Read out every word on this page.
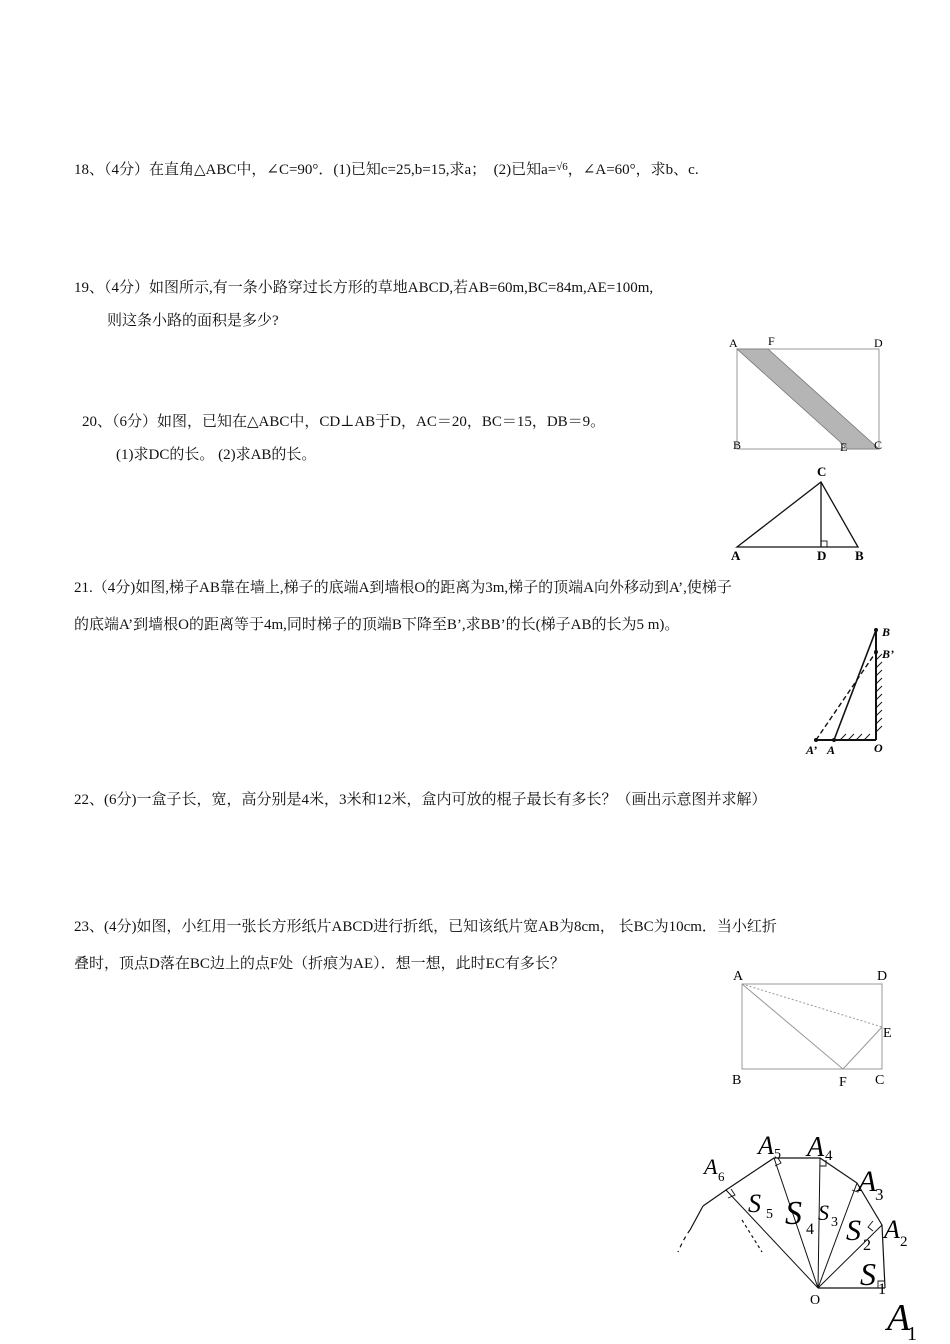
18、（4分）在直角△ABC中，∠C=90°．(1)已知c=25,b=15,求a；　(2)已知a=$^{√6}$，∠A=60°，求b、c.
19、（4分）如图所示,有一条小路穿过长方形的草地ABCD,若AB=60m,BC=84m,AE=100m,
则这条小路的面积是多少?
20、（6分）如图，已知在△ABC中，CD⊥AB于D，AC＝20，BC＝15，DB＝9。
(1)求DC的长。 (2)求AB的长。
21.（4分)如图,梯子AB靠在墙上,梯子的底端A到墙根O的距离为3m,梯子的顶端A向外移动到A’,使梯子
的底端A’到墙根O的距离等于4m,同时梯子的顶端B下降至B’,求BB’的长(梯子AB的长为5 m)。
22、(6分)一盒子长，宽，高分别是4米，3米和12米，盒内可放的棍子最长有多长？（画出示意图并求解）
23、(4分)如图，小红用一张长方形纸片ABCD进行折纸，已知该纸片宽AB为8cm， 长BC为10cm．当小红折
叠时，顶点D落在BC边上的点F处（折痕为AE）．想一想，此时EC有多长？
A	F	D
B	E C
C
A	D B
B
B’
A’ A	O
A	D
E
B	F C
O A
1
A 2
A
3
A 4
A 5
A 6
S 1
S 2
S 3
S 4
S 5
